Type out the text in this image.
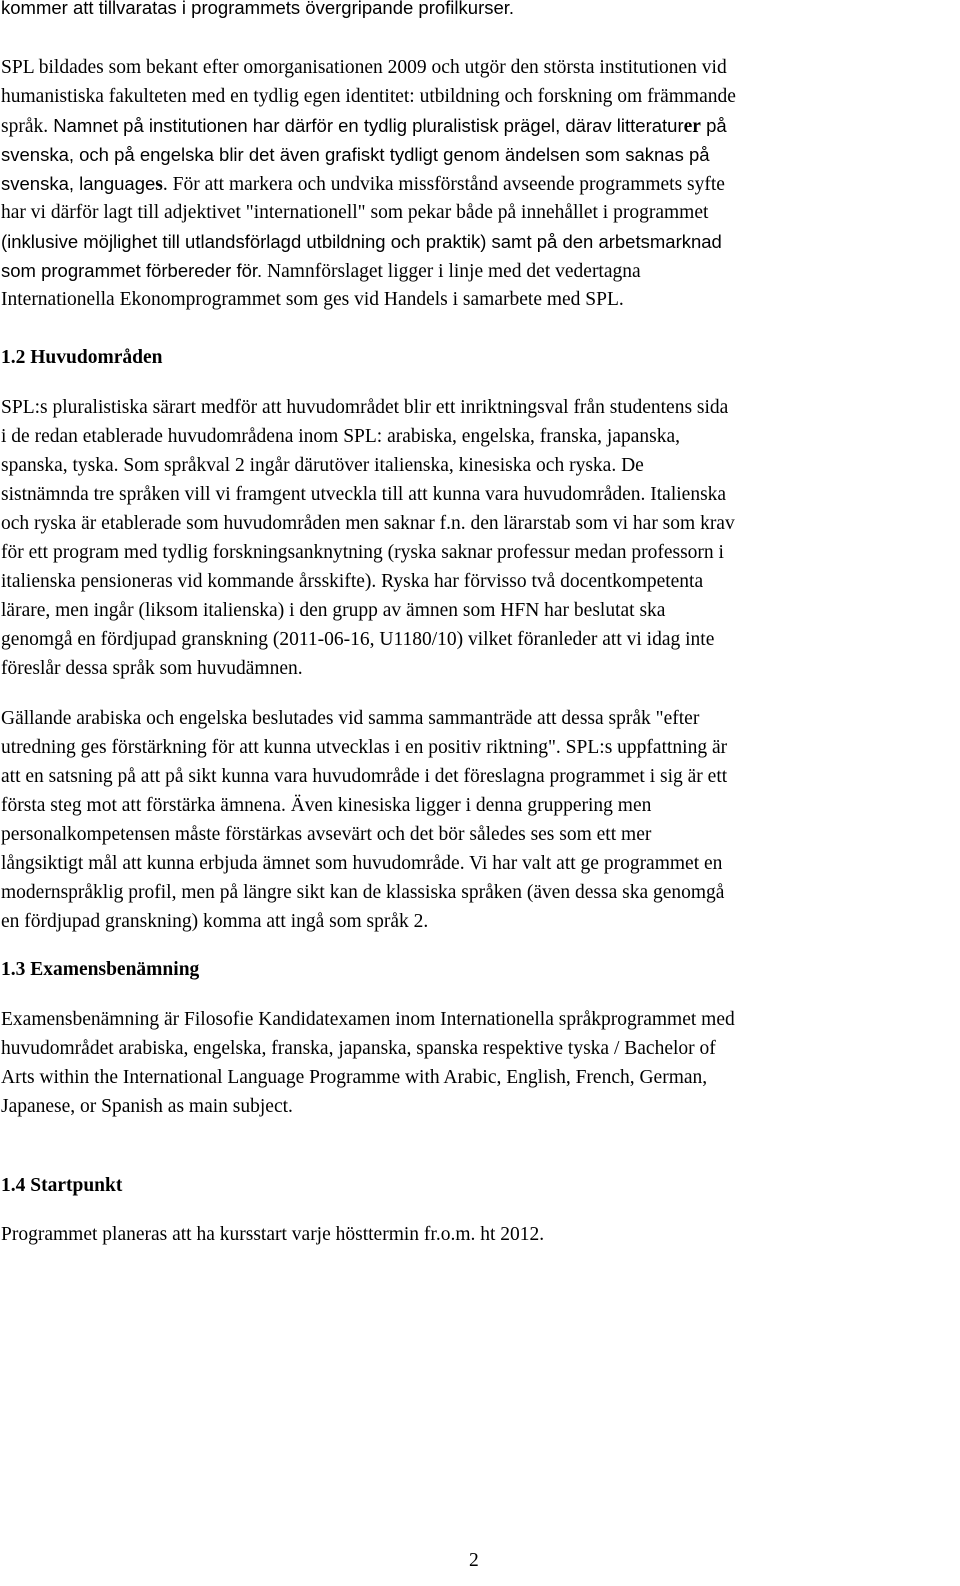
kommer att tillvaratas i programmets övergripande profilkurser.

SPL bildades som bekant efter omorganisationen 2009 och utgör den största institutionen vid
humanistiska fakulteten med en tydlig egen identitet: utbildning och forskning om främmande
språk. Namnet på institutionen har därför en tydlig pluralistisk prägel, därav litteraturer på
svenska, och på engelska blir det även grafiskt tydligt genom ändelsen som saknas på
svenska, languages. För att markera och undvika missförstånd avseende programmets syfte
har vi därför lagt till adjektivet "internationell" som pekar både på innehållet i programmet
(inklusive möjlighet till utlandsförlagd utbildning och praktik) samt på den arbetsmarknad
som programmet förbereder för. Namnförslaget ligger i linje med det vedertagna
Internationella Ekonomprogrammet som ges vid Handels i samarbete med SPL.

1.2 Huvudområden

SPL:s pluralistiska särart medför att huvudområdet blir ett inriktningsval från studentens sida
i de redan etablerade huvudområdena inom SPL: arabiska, engelska, franska, japanska,
spanska, tyska. Som språkval 2 ingår därutöver italienska, kinesiska och ryska. De
sistnämnda tre språken vill vi framgent utveckla till att kunna vara huvudområden. Italienska
och ryska är etablerade som huvudområden men saknar f.n. den lärarstab som vi har som krav
för ett program med tydlig forskningsanknytning (ryska saknar professur medan professorn i
italienska pensioneras vid kommande årsskifte). Ryska har förvisso två docentkompetenta
lärare, men ingår (liksom italienska) i den grupp av ämnen som HFN har beslutat ska
genomgå en fördjupad granskning (2011-06-16, U1180/10) vilket föranleder att vi idag inte
föreslår dessa språk som huvudämnen.

Gällande arabiska och engelska beslutades vid samma sammanträde att dessa språk "efter
utredning ges förstärkning för att kunna utvecklas i en positiv riktning". SPL:s uppfattning är
att en satsning på att på sikt kunna vara huvudområde i det föreslagna programmet i sig är ett
första steg mot att förstärka ämnena. Även kinesiska ligger i denna gruppering men
personalkompetensen måste förstärkas avsevärt och det bör således ses som ett mer
långsiktigt mål att kunna erbjuda ämnet som huvudområde. Vi har valt att ge programmet en
modernspråklig profil, men på längre sikt kan de klassiska språken (även dessa ska genomgå
en fördjupad granskning) komma att ingå som språk 2.

1.3 Examensbenämning

Examensbenämning är Filosofie Kandidatexamen inom Internationella språkprogrammet med
huvudområdet arabiska, engelska, franska, japanska, spanska respektive tyska / Bachelor of
Arts within the International Language Programme with Arabic, English, French, German,
Japanese, or Spanish as main subject.

1.4 Startpunkt

Programmet planeras att ha kursstart varje hösttermin fr.o.m. ht 2012.

2
